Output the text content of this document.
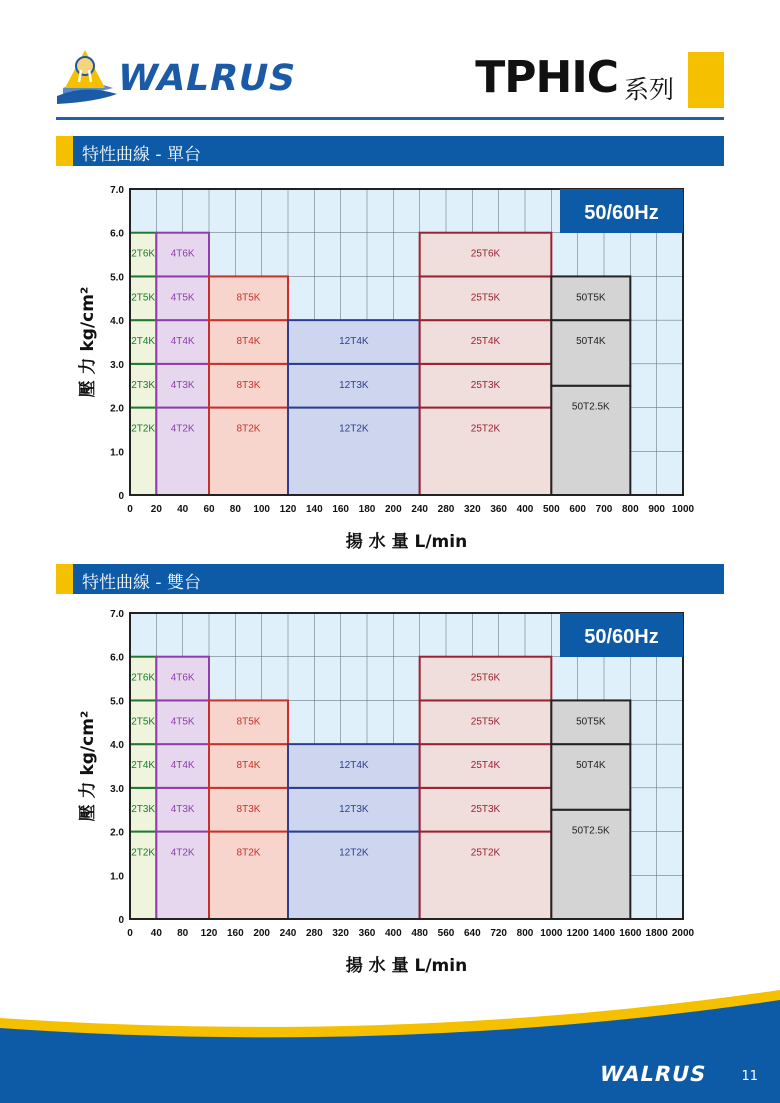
WALRUS	TPHIC 系列
特性曲線 - 單台
2T2K
2T3K
2T4K
2T5K
2T6K
4T2K
4T3K
4T4K
4T5K
4T6K
8T2K
8T3K
8T4K
8T5K
12T2K
12T3K
12T4K
25T2K
25T3K
25T4K
25T5K
25T6K
50T2.5K
50T4K
50T5K
50/60Hz
0
1.0
2.0
3.0
4.0
5.0
6.0
7.0
0 20 40 60 80 100 120 140 160 180 200 240 280 320 360 400 500 600 700 800 900 1000
揚 水 量 L/min
壓 力 kg/cm²
特性曲線 - 雙台
2T2K
2T3K
2T4K
2T5K
2T6K
4T2K
4T3K
4T4K
4T5K
4T6K
8T2K
8T3K
8T4K
8T5K
12T2K
12T3K
12T4K
25T2K
25T3K
25T4K
25T5K
25T6K
50T2.5K
50T4K
50T5K
50/60Hz
0
1.0
2.0
3.0
4.0
5.0
6.0
7.0
0 40 80 120 160 200 240 280 320 360 400 480 560 640 720 800 1000 1200 1400 1600 1800 2000
揚 水 量 L/min
壓 力 kg/cm²
WALRUS	11
